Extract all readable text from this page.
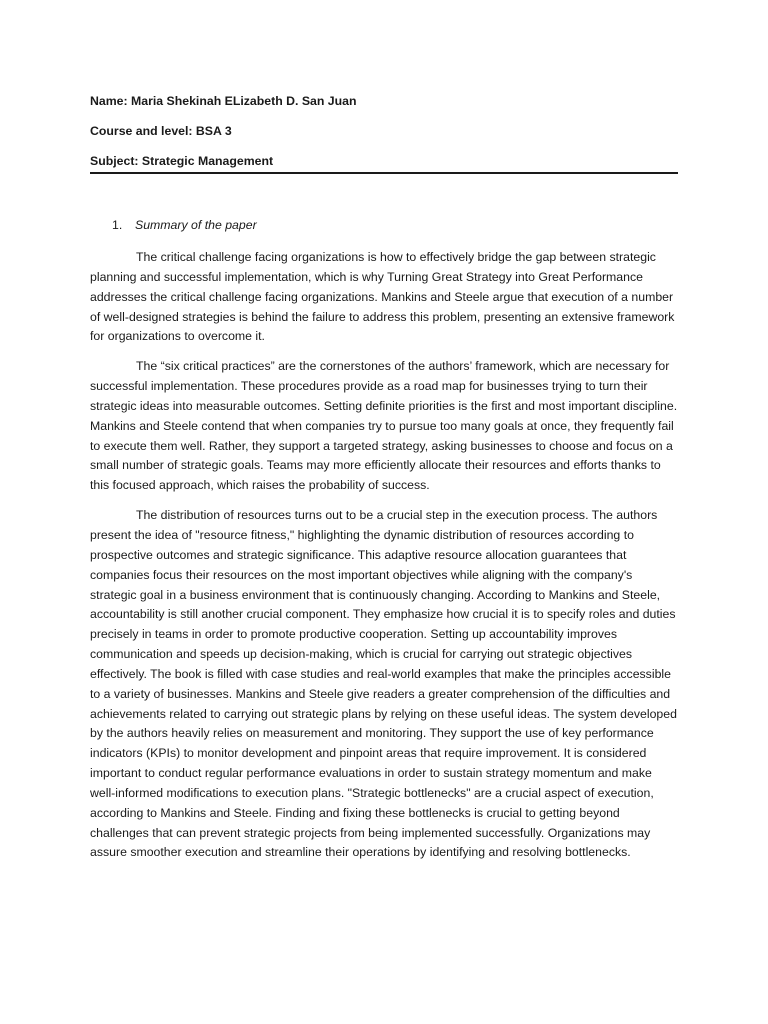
Name: Maria Shekinah ELizabeth D. San Juan
Course and level: BSA 3
Subject: Strategic Management
1. Summary of the paper

The critical challenge facing organizations is how to effectively bridge the gap between strategic planning and successful implementation, which is why Turning Great Strategy into Great Performance addresses the critical challenge facing organizations. Mankins and Steele argue that execution of a number of well-designed strategies is behind the failure to address this problem, presenting an extensive framework for organizations to overcome it.

The “six critical practices” are the cornerstones of the authors’ framework, which are necessary for successful implementation. These procedures provide as a road map for businesses trying to turn their strategic ideas into measurable outcomes. Setting definite priorities is the first and most important discipline. Mankins and Steele contend that when companies try to pursue too many goals at once, they frequently fail to execute them well. Rather, they support a targeted strategy, asking businesses to choose and focus on a small number of strategic goals. Teams may more efficiently allocate their resources and efforts thanks to this focused approach, which raises the probability of success.

The distribution of resources turns out to be a crucial step in the execution process. The authors present the idea of "resource fitness," highlighting the dynamic distribution of resources according to prospective outcomes and strategic significance. This adaptive resource allocation guarantees that companies focus their resources on the most important objectives while aligning with the company's strategic goal in a business environment that is continuously changing. According to Mankins and Steele, accountability is still another crucial component. They emphasize how crucial it is to specify roles and duties precisely in teams in order to promote productive cooperation. Setting up accountability improves communication and speeds up decision-making, which is crucial for carrying out strategic objectives effectively. The book is filled with case studies and real-world examples that make the principles accessible to a variety of businesses. Mankins and Steele give readers a greater comprehension of the difficulties and achievements related to carrying out strategic plans by relying on these useful ideas. The system developed by the authors heavily relies on measurement and monitoring. They support the use of key performance indicators (KPIs) to monitor development and pinpoint areas that require improvement. It is considered important to conduct regular performance evaluations in order to sustain strategy momentum and make well-informed modifications to execution plans. "Strategic bottlenecks" are a crucial aspect of execution, according to Mankins and Steele. Finding and fixing these bottlenecks is crucial to getting beyond challenges that can prevent strategic projects from being implemented successfully. Organizations may assure smoother execution and streamline their operations by identifying and resolving bottlenecks.
